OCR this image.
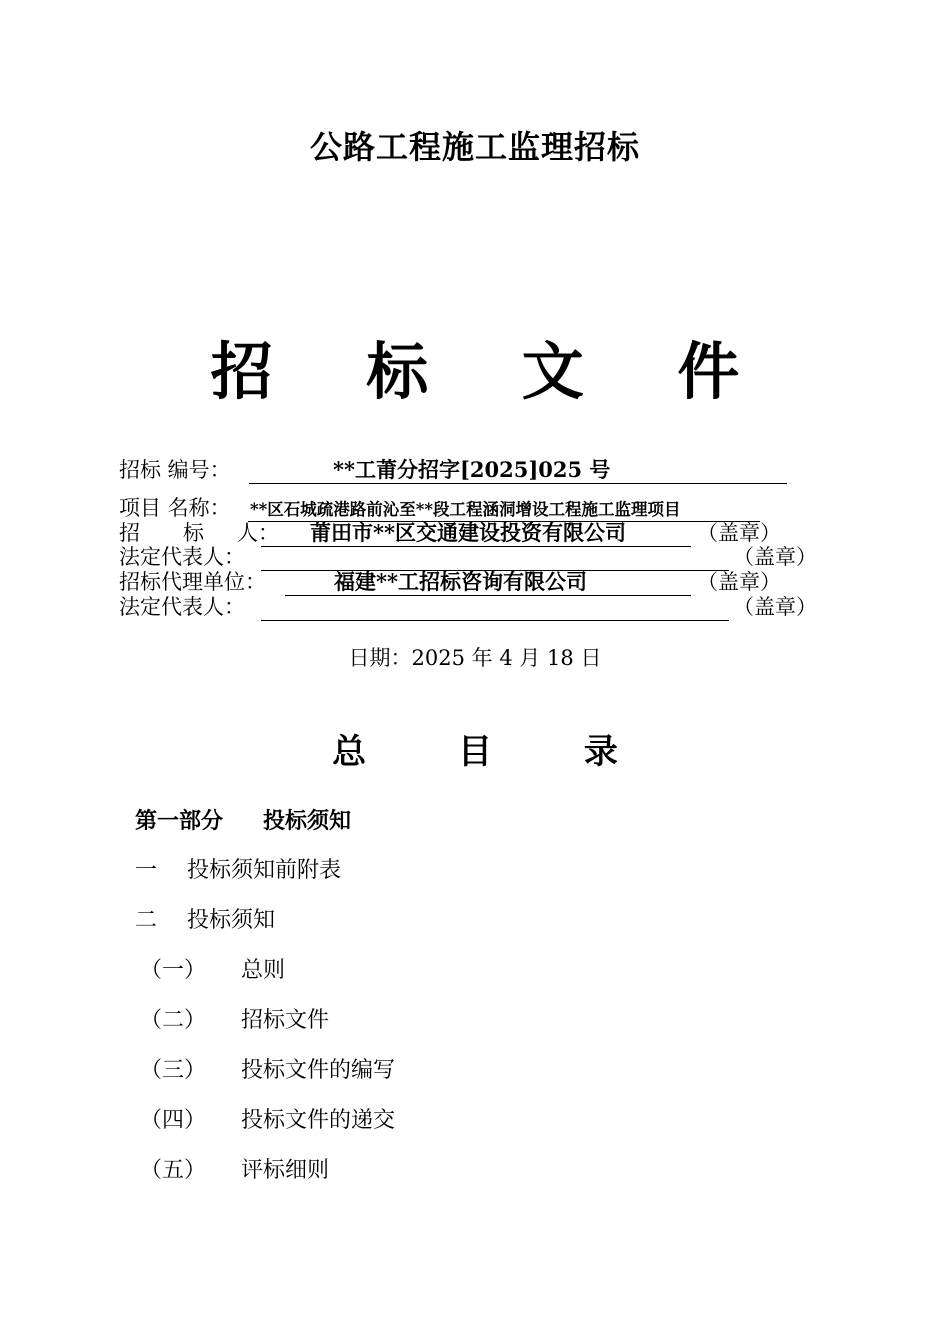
公路工程施工监理招标
招 标 文 件
招标 编号：	**工莆分招字[2025]025 号
项目 名称： **区石城疏港路前沁至**段工程涵洞增设工程施工监理项目
招 标 人： 莆田市**区交通建设投资有限公司	（盖章）
法定代表人：	（盖章）
招标代理单位：	福建**工招标咨询有限公司	（盖章）
法定代表人：	（盖章）
日期：2025 年 4 月 18 日
总 目 录
第一部分 投标须知
一 投标须知前附表
二 投标须知
（一） 总则
（二） 招标文件
（三） 投标文件的编写
（四） 投标文件的递交
（五） 评标细则
